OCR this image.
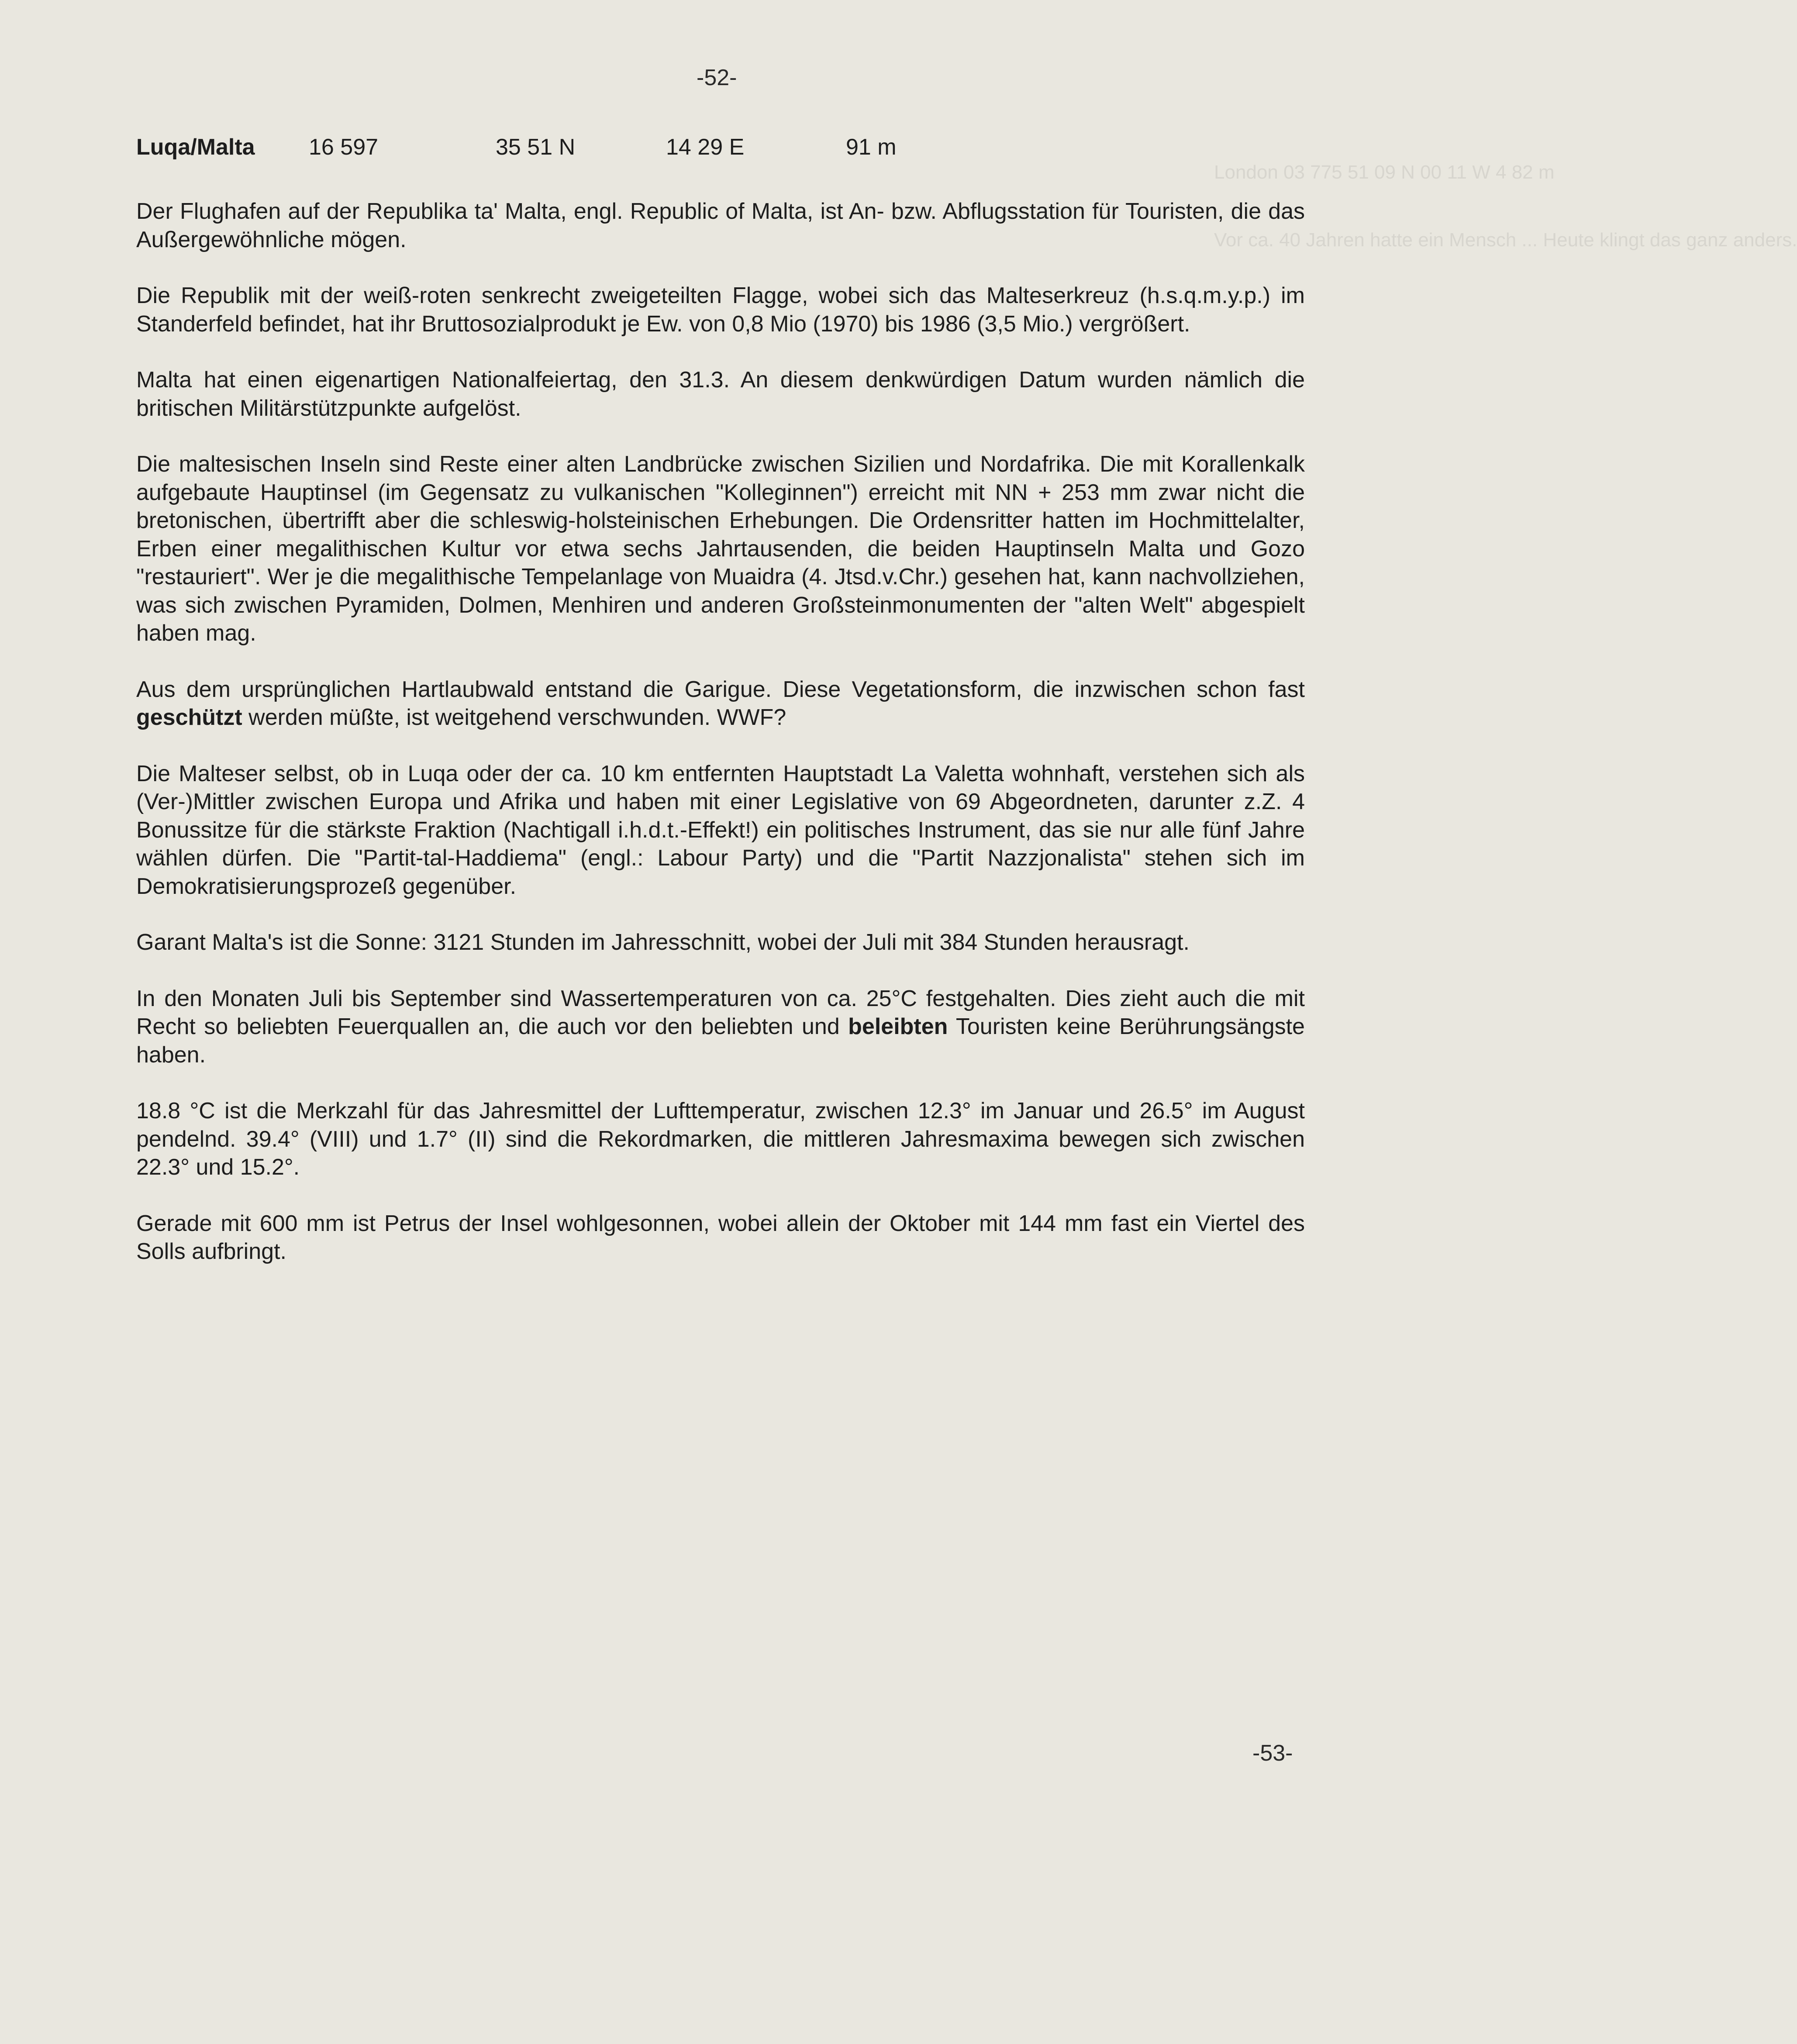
London 03 775 51 09 N 00 11 W 4 82 m
Vor ca. 40 Jahren hatte ein Mensch ... Heute klingt das ganz anders.
-52-
Luqa/Malta 16 597	35 51 N	14 29 E	91 m

Der Flughafen auf der Republika ta' Malta, engl. Republic of Malta, ist An- bzw. Abflugsstation für Touristen, die das Außergewöhnliche mögen.

Die Republik mit der weiß-roten senkrecht zweigeteilten Flagge, wobei sich das Malteserkreuz (h.s.q.m.y.p.) im Standerfeld befindet, hat ihr Bruttosozialprodukt je Ew. von 0,8 Mio (1970) bis 1986 (3,5 Mio.) vergrößert.

Malta hat einen eigenartigen Nationalfeiertag, den 31.3. An diesem denkwürdigen Datum wurden nämlich die britischen Militärstützpunkte aufgelöst.

Die maltesischen Inseln sind Reste einer alten Landbrücke zwischen Sizilien und Nordafrika. Die mit Korallenkalk aufgebaute Hauptinsel (im Gegensatz zu vulkanischen "Kolleginnen") erreicht mit NN + 253 mm zwar nicht die bretonischen, übertrifft aber die schleswig-holsteinischen Erhebungen. Die Ordensritter hatten im Hochmittelalter, Erben einer megalithischen Kultur vor etwa sechs Jahrtausenden, die beiden Hauptinseln Malta und Gozo "restauriert". Wer je die megalithische Tempelanlage von Muaidra (4. Jtsd.v.Chr.) gesehen hat, kann nachvollziehen, was sich zwischen Pyramiden, Dolmen, Menhiren und anderen Großsteinmonumenten der "alten Welt" abgespielt haben mag.

Aus dem ursprünglichen Hartlaubwald entstand die Garigue. Diese Vegetationsform, die inzwischen schon fast geschützt werden müßte, ist weitgehend verschwunden. WWF?

Die Malteser selbst, ob in Luqa oder der ca. 10 km entfernten Hauptstadt La Valetta wohnhaft, verstehen sich als (Ver-)Mittler zwischen Europa und Afrika und haben mit einer Legislative von 69 Abgeordneten, darunter z.Z. 4 Bonussitze für die stärkste Fraktion (Nachtigall i.h.d.t.-Effekt!) ein politisches Instrument, das sie nur alle fünf Jahre wählen dürfen. Die "Partit-tal-Haddiema" (engl.: Labour Party) und die "Partit Nazzjonalista" stehen sich im Demokratisierungsprozeß gegenüber.

Garant Malta's ist die Sonne: 3121 Stunden im Jahresschnitt, wobei der Juli mit 384 Stunden herausragt.

In den Monaten Juli bis September sind Wassertemperaturen von ca. 25°C festgehalten. Dies zieht auch die mit Recht so beliebten Feuerquallen an, die auch vor den beliebten und beleibten Touristen keine Berührungsängste haben.

18.8 °C ist die Merkzahl für das Jahresmittel der Lufttemperatur, zwischen 12.3° im Januar und 26.5° im August pendelnd. 39.4° (VIII) und 1.7° (II) sind die Rekordmarken, die mittleren Jahresmaxima bewegen sich zwischen 22.3° und 15.2°.

Gerade mit 600 mm ist Petrus der Insel wohlgesonnen, wobei allein der Oktober mit 144 mm fast ein Viertel des Solls aufbringt.

-53-
